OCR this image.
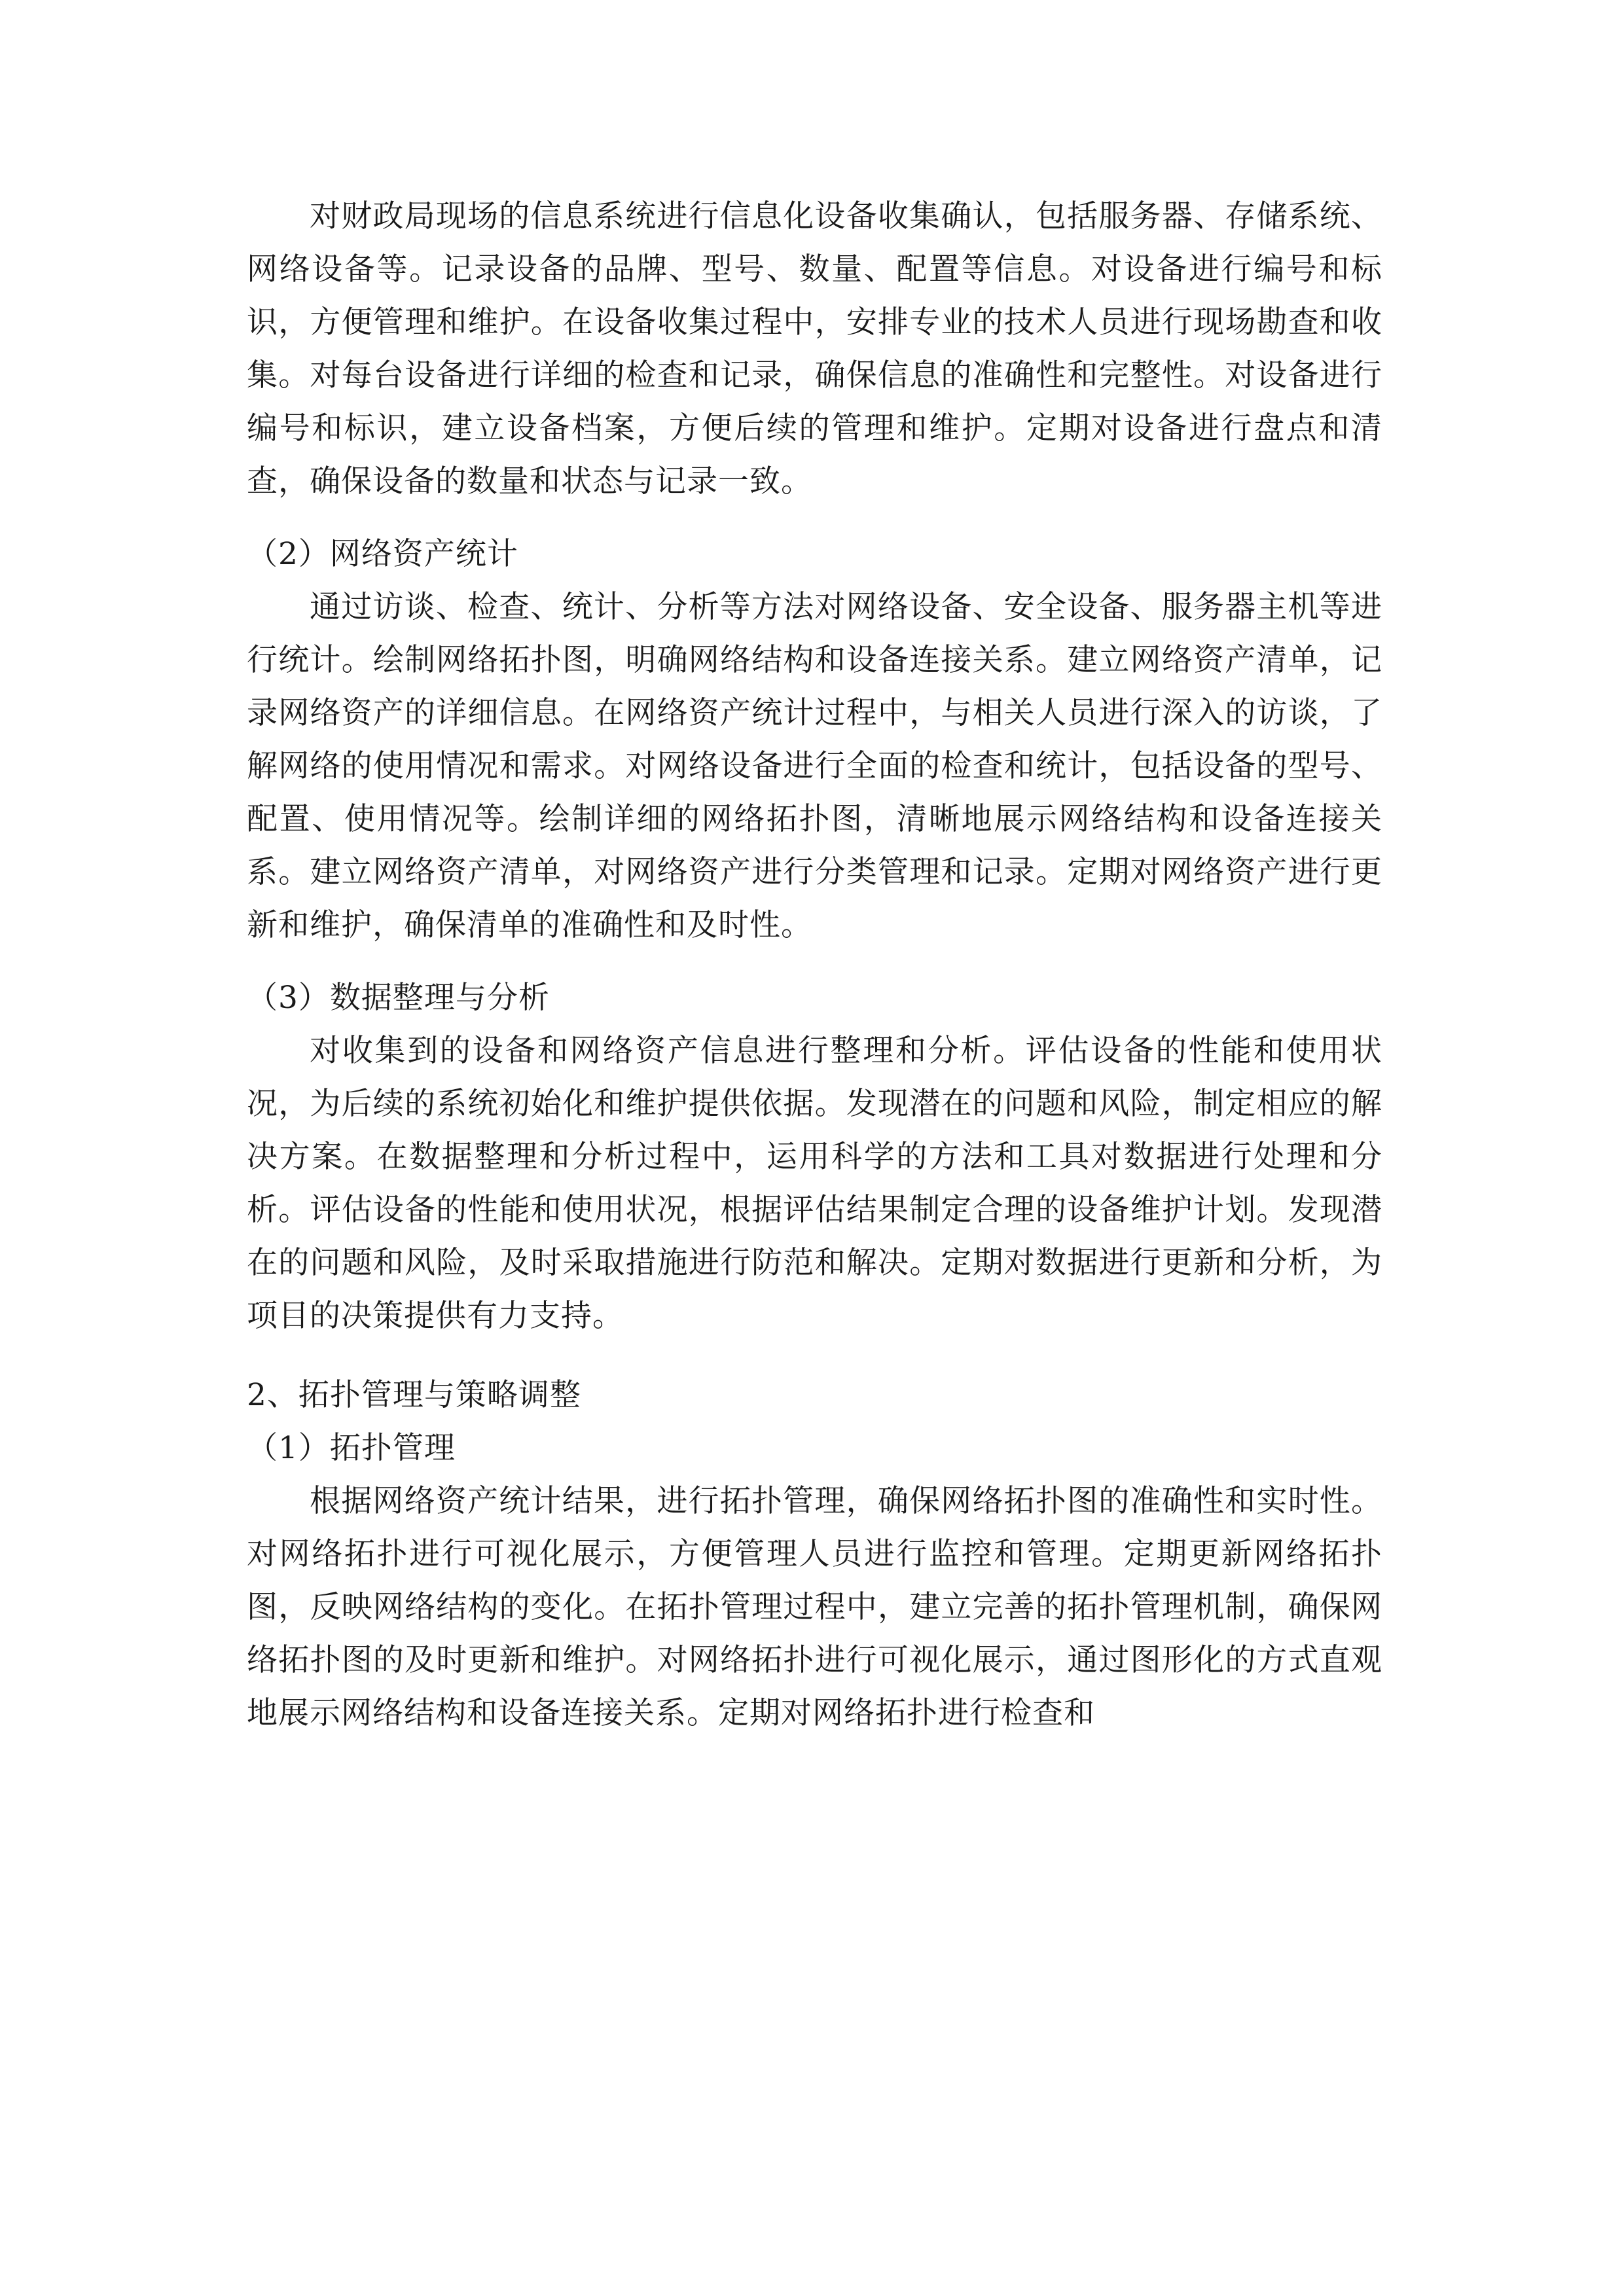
对财政局现场的信息系统进行信息化设备收集确认，包括服务器、存储系统、网络设备等。记录设备的品牌、型号、数量、配置等信息。对设备进行编号和标识，方便管理和维护。在设备收集过程中，安排专业的技术人员进行现场勘查和收集。对每台设备进行详细的检查和记录，确保信息的准确性和完整性。对设备进行编号和标识，建立设备档案，方便后续的管理和维护。定期对设备进行盘点和清查，确保设备的数量和状态与记录一致。

（2）网络资产统计

通过访谈、检查、统计、分析等方法对网络设备、安全设备、服务器主机等进行统计。绘制网络拓扑图，明确网络结构和设备连接关系。建立网络资产清单，记录网络资产的详细信息。在网络资产统计过程中，与相关人员进行深入的访谈，了解网络的使用情况和需求。对网络设备进行全面的检查和统计，包括设备的型号、配置、使用情况等。绘制详细的网络拓扑图，清晰地展示网络结构和设备连接关系。建立网络资产清单，对网络资产进行分类管理和记录。定期对网络资产进行更新和维护，确保清单的准确性和及时性。

（3）数据整理与分析

对收集到的设备和网络资产信息进行整理和分析。评估设备的性能和使用状况，为后续的系统初始化和维护提供依据。发现潜在的问题和风险，制定相应的解决方案。在数据整理和分析过程中，运用科学的方法和工具对数据进行处理和分析。评估设备的性能和使用状况，根据评估结果制定合理的设备维护计划。发现潜在的问题和风险，及时采取措施进行防范和解决。定期对数据进行更新和分析，为项目的决策提供有力支持。

2、拓扑管理与策略调整

（1）拓扑管理

根据网络资产统计结果，进行拓扑管理，确保网络拓扑图的准确性和实时性。对网络拓扑进行可视化展示，方便管理人员进行监控和管理。定期更新网络拓扑图，反映网络结构的变化。在拓扑管理过程中，建立完善的拓扑管理机制，确保网络拓扑图的及时更新和维护。对网络拓扑进行可视化展示，通过图形化的方式直观地展示网络结构和设备连接关系。定期对网络拓扑进行检查和
